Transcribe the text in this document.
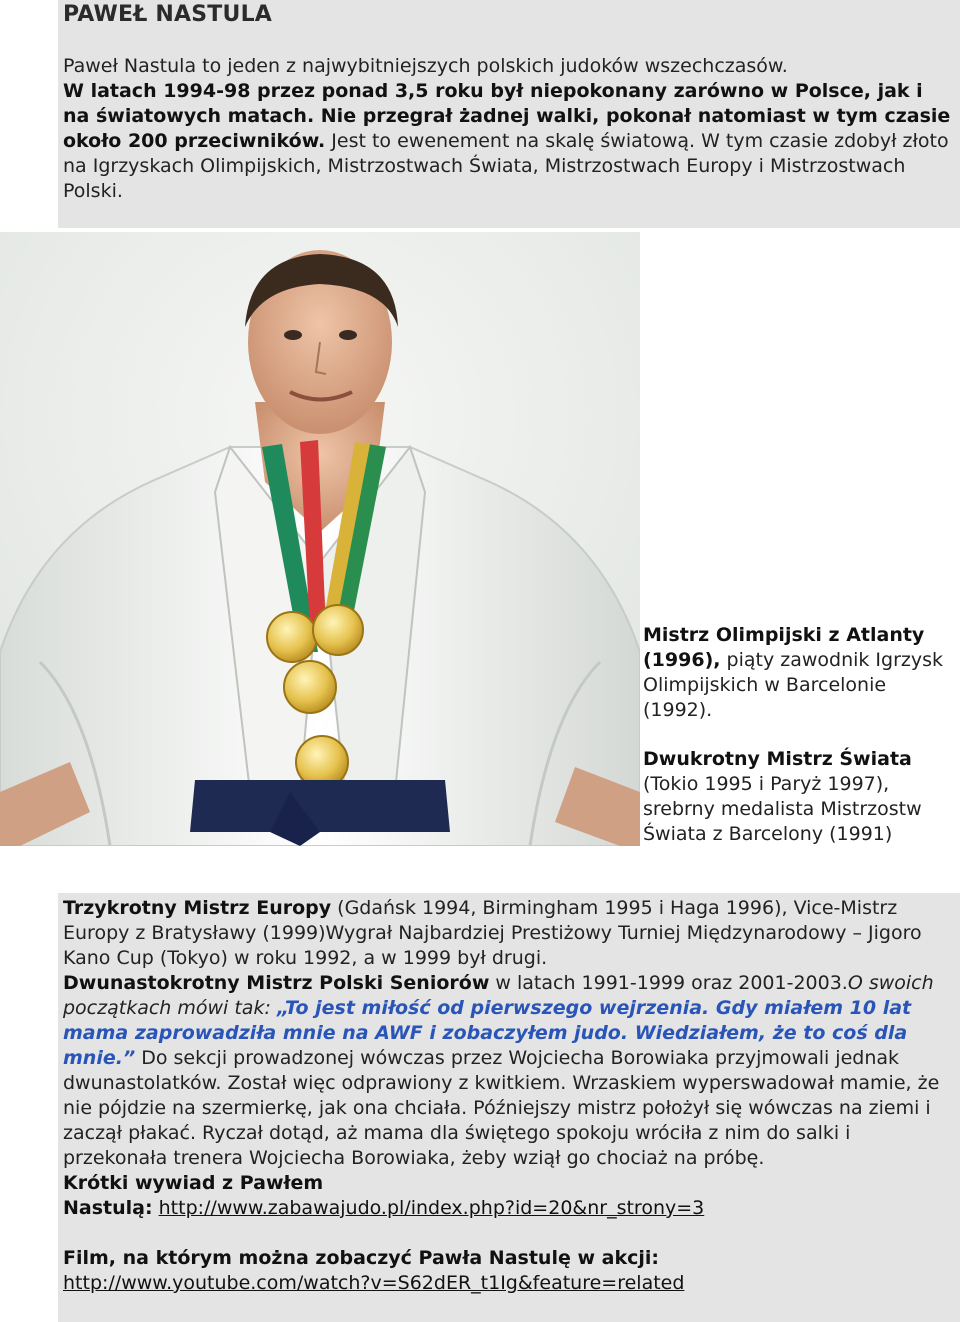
PAWEŁ NASTULA

Paweł Nastula to jeden z najwybitniejszych polskich judoków wszechczasów.
W latach 1994-98 przez ponad 3,5 roku był niepokonany zarówno w Polsce, jak i na światowych matach. Nie przegrał żadnej walki, pokonał natomiast w tym czasie około 200 przeciwników. Jest to ewenement na skalę światową. W tym czasie zdobył złoto na Igrzyskach Olimpijskich, Mistrzostwach Świata, Mistrzostwach Europy i Mistrzostwach Polski.

Mistrz Olimpijski z Atlanty (1996), piąty zawodnik Igrzysk Olimpijskich w Barcelonie (1992).

Dwukrotny Mistrz Świata (Tokio 1995 i Paryż 1997), srebrny medalista Mistrzostw Świata z Barcelony (1991)

Trzykrotny Mistrz Europy (Gdańsk 1994, Birmingham 1995 i Haga 1996), Vice-Mistrz Europy z Bratysławy (1999)Wygrał Najbardziej Prestiżowy Turniej Międzynarodowy – Jigoro Kano Cup (Tokyo) w roku 1992, a w 1999 był drugi.
Dwunastokrotny Mistrz Polski Seniorów w latach 1991-1999 oraz 2001-2003.O swoich początkach mówi tak: „To jest miłość od pierwszego wejrzenia. Gdy miałem 10 lat mama zaprowadziła mnie na AWF i zobaczyłem judo. Wiedziałem, że to coś dla mnie.” Do sekcji prowadzonej wówczas przez Wojciecha Borowiaka przyjmowali jednak dwunastolatków. Został więc odprawiony z kwitkiem. Wrzaskiem wyperswadował mamie, że nie pójdzie na szermierkę, jak ona chciała. Późniejszy mistrz położył się wówczas na ziemi i zaczął płakać. Ryczał dotąd, aż mama dla świętego spokoju wróciła z nim do salki i przekonała trenera Wojciecha Borowiaka, żeby wziął go chociaż na próbę.
Krótki wywiad z Pawłem
Nastulą: http://www.zabawajudo.pl/index.php?id=20&nr_strony=3

Film, na którym można zobaczyć Pawła Nastulę w akcji:
http://www.youtube.com/watch?v=S62dER_t1Ig&feature=related
